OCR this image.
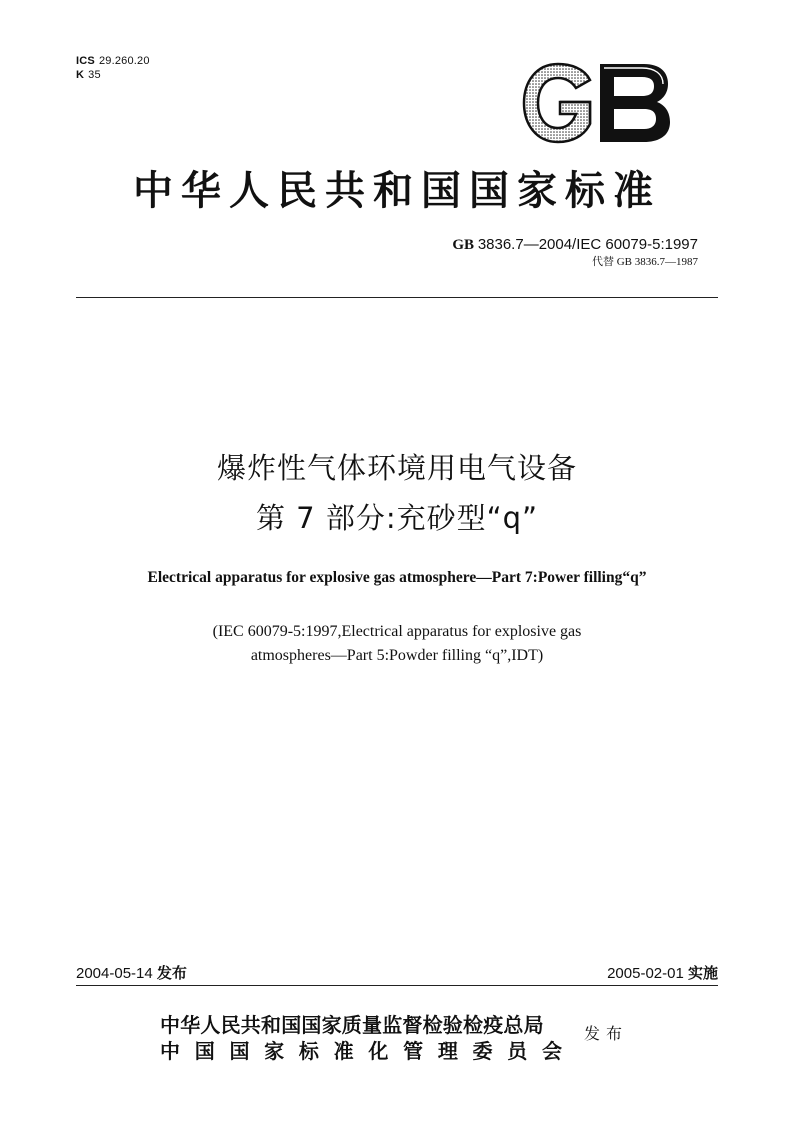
ICS 29.260.20
K 35
中华人民共和国国家标准
GB 3836.7—2004/IEC 60079-5:1997
代替 GB 3836.7—1987
爆炸性气体环境用电气设备
第 7 部分:充砂型“q”
Electrical apparatus for explosive gas atmosphere—Part 7:Power filling“q”
(IEC 60079-5:1997,Electrical apparatus for explosive gas
atmospheres—Part 5:Powder filling “q”,IDT)
2004-05-14 发布	2005-02-01 实施
中华人民共和国国家质量监督检验检疫总局
中国国家标准化管理委员会
发布
